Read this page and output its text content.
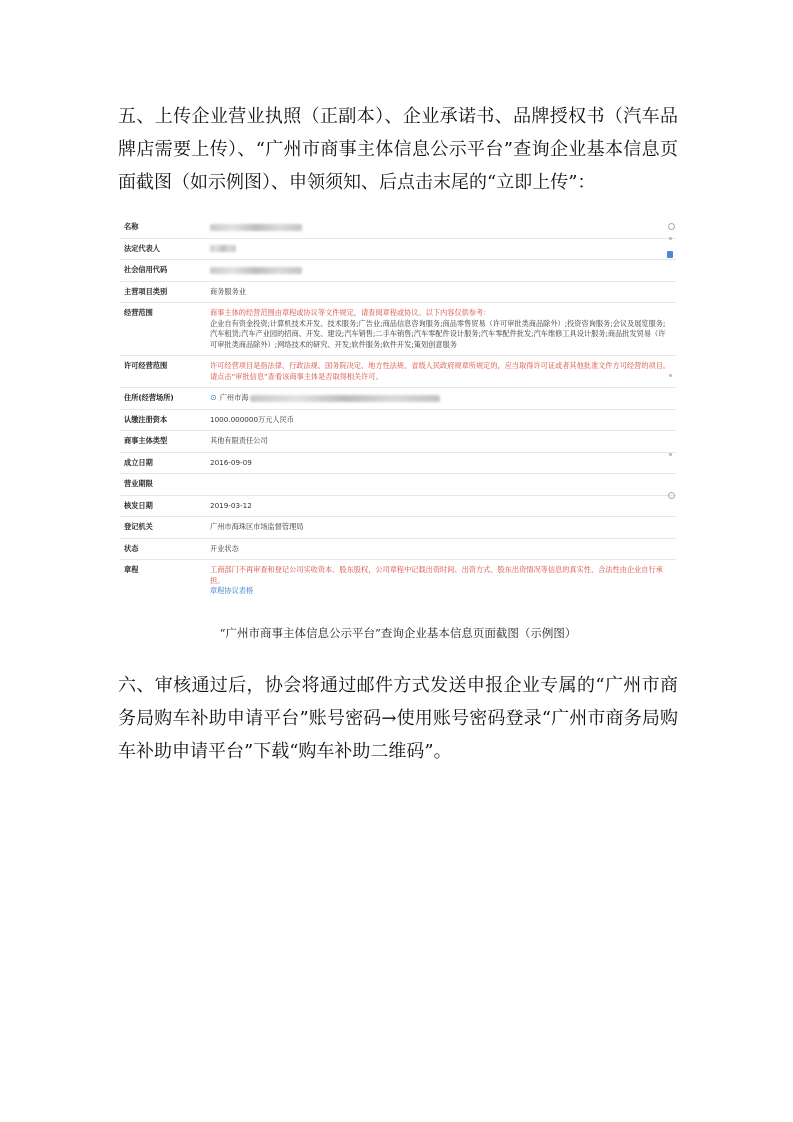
五、上传企业营业执照（正副本）、企业承诺书、品牌授权书（汽车品牌店需要上传）、“广州市商事主体信息公示平台”查询企业基本信息页面截图（如示例图）、申领须知、后点击末尾的“立即上传”：

名称
法定代表人
社会信用代码
主营项目类别	商务服务业
经营范围	商事主体的经营范围由章程或协议等文件规定，请查阅章程或协议。以下内容仅供参考：
企业自有资金投资;计算机技术开发、技术服务;广告业;商品信息咨询服务;商品零售贸易（许可审批类商品除外）;投资咨询服务;会议及展览服务;汽车租赁;汽车产业园的招商、开发、建设;汽车销售;二手车销售;汽车零配件设计服务;汽车零配件批发;汽车维修工具设计服务;商品批发贸易（许可审批类商品除外）;网络技术的研究、开发;软件服务;软件开发;策划创意服务
许可经营范围	许可经营项目是指法律、行政法规、国务院决定、地方性法规、省级人民政府规章所规定的，应当取得许可证或者其他批准文件方可经营的项目。请点击“审批信息”查看该商事主体是否取得相关许可。
住所(经营场所)	⊙ 广州市海
认缴注册资本	1000.000000万元人民币
商事主体类型	其他有限责任公司
成立日期	2016-09-09
营业期限
核发日期	2019-03-12
登记机关	广州市海珠区市场监督管理局
状态	开业状态
章程	工商部门不再审查和登记公司实收资本、股东股权，公司章程中记载出资时间、出资方式、股东出资情况等信息的真实性、合法性由企业自行承担。
章程协议表格
“广州市商事主体信息公示平台”查询企业基本信息页面截图（示例图）

六、审核通过后，协会将通过邮件方式发送申报企业专属的“广州市商务局购车补助申请平台”账号密码→使用账号密码登录“广州市商务局购车补助申请平台”下载“购车补助二维码”。
